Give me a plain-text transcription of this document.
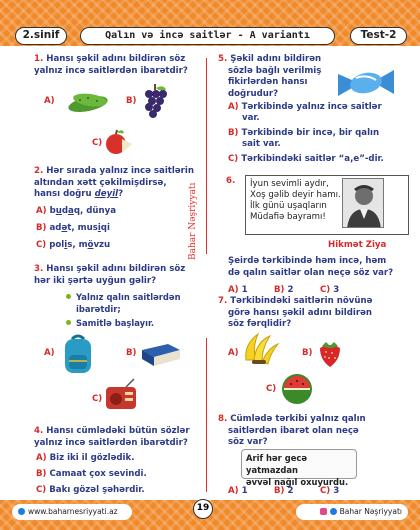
2.sinif	Qalın və incə saitlər - A variantı	Test-2
Bahar Nəşriyyatı
1. Hansı şəkil adını bildirən söz
yalnız incə saitlərdən ibarətdir?
A)	B)
C)
2. Hər sırada yalnız incə saitlərin
altından xətt çəkilmişdirsə,
hansı doğru deyil?
A) budaq, dünya
B) adət, musiqi
C) polis, mövzu
3. Hansı şəkil adını bildirən söz
hər iki şərtə uyğun gəlir?
Yalnız qalın saitlərdən
ibarətdir;
Samitlə başlayır.
A)	B)
C)
4. Hansı cümlədəki bütün sözlər
yalnız incə saitlərdən ibarətdir?
A) Biz iki il gözlədik.
B) Camaat çox sevindi.
C) Bakı gözəl şəhərdir.
5. Şəkil adını bildirən
sözlə bağlı verilmiş
fikirlərdən hansı
doğrudur?
A) Tərkibində yalnız incə saitlər
var.
B) Tərkibində bir incə, bir qalın
sait var.
C) Tərkibindəki saitlər “a,e”-dir.
6.	İyun sevimli aydır,
Xoş gəlib deyir hamı.
İlk günü uşaqların
Müdafiə bayramı!
Hikmət Ziya
Şeirdə tərkibində həm incə, həm
də qalın saitlər olan neçə söz var?
A) 1	B) 2	C) 3
7. Tərkibindəki saitlərin növünə
görə hansı şəkil adını bildirən
söz fərqlidir?
A)	B)
C)
8. Cümlədə tərkibi yalnız qalın
saitlərdən ibarət olan neçə
söz var?
Arif hər gecə yatmazdan
əvvəl nağıl oxuyurdu.
A) 1	B) 2	C) 3
www.baharnesriyyati.az	19	Bahar Nəşriyyatı
